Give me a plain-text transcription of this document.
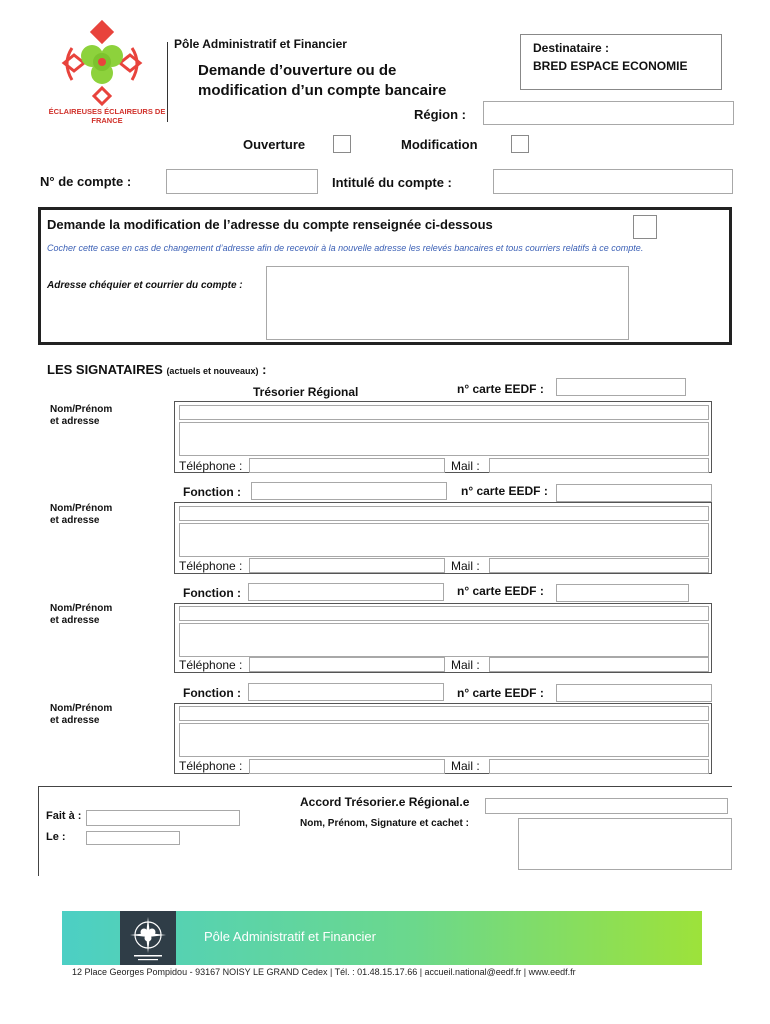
ÉCLAIREUSES ÉCLAIREURS DE FRANCE
Pôle Administratif et Financier
Demande d’ouverture ou de
modification d’un compte bancaire
Destinataire :
BRED ESPACE ECONOMIE
Région :
Ouverture	Modification
N° de compte :	Intitulé du compte :
Demande la modification de l’adresse du compte renseignée ci-dessous
Cocher cette case en cas de changement d’adresse afin de recevoir à la nouvelle adresse les relevés bancaires et tous courriers relatifs à ce compte.
Adresse chéquier et courrier du compte :
LES SIGNATAIRES (actuels et nouveaux) :
Trésorier Régional	n° carte EEDF :
Nom/Prénom
et adresse
Téléphone :	Mail :
Fonction :	n° carte EEDF :
Nom/Prénom
et adresse
Téléphone :	Mail :
Fonction :	n° carte EEDF :
Nom/Prénom
et adresse
Téléphone :	Mail :
Fonction :	n° carte EEDF :
Nom/Prénom
et adresse
Téléphone :	Mail :
Accord Trésorier.e Régional.e
Nom, Prénom, Signature et cachet :
Fait à :
Le :
Pôle Administratif et Financier
12 Place Georges Pompidou - 93167 NOISY LE GRAND Cedex | Tél. : 01.48.15.17.66 | accueil.national@eedf.fr | www.eedf.fr
